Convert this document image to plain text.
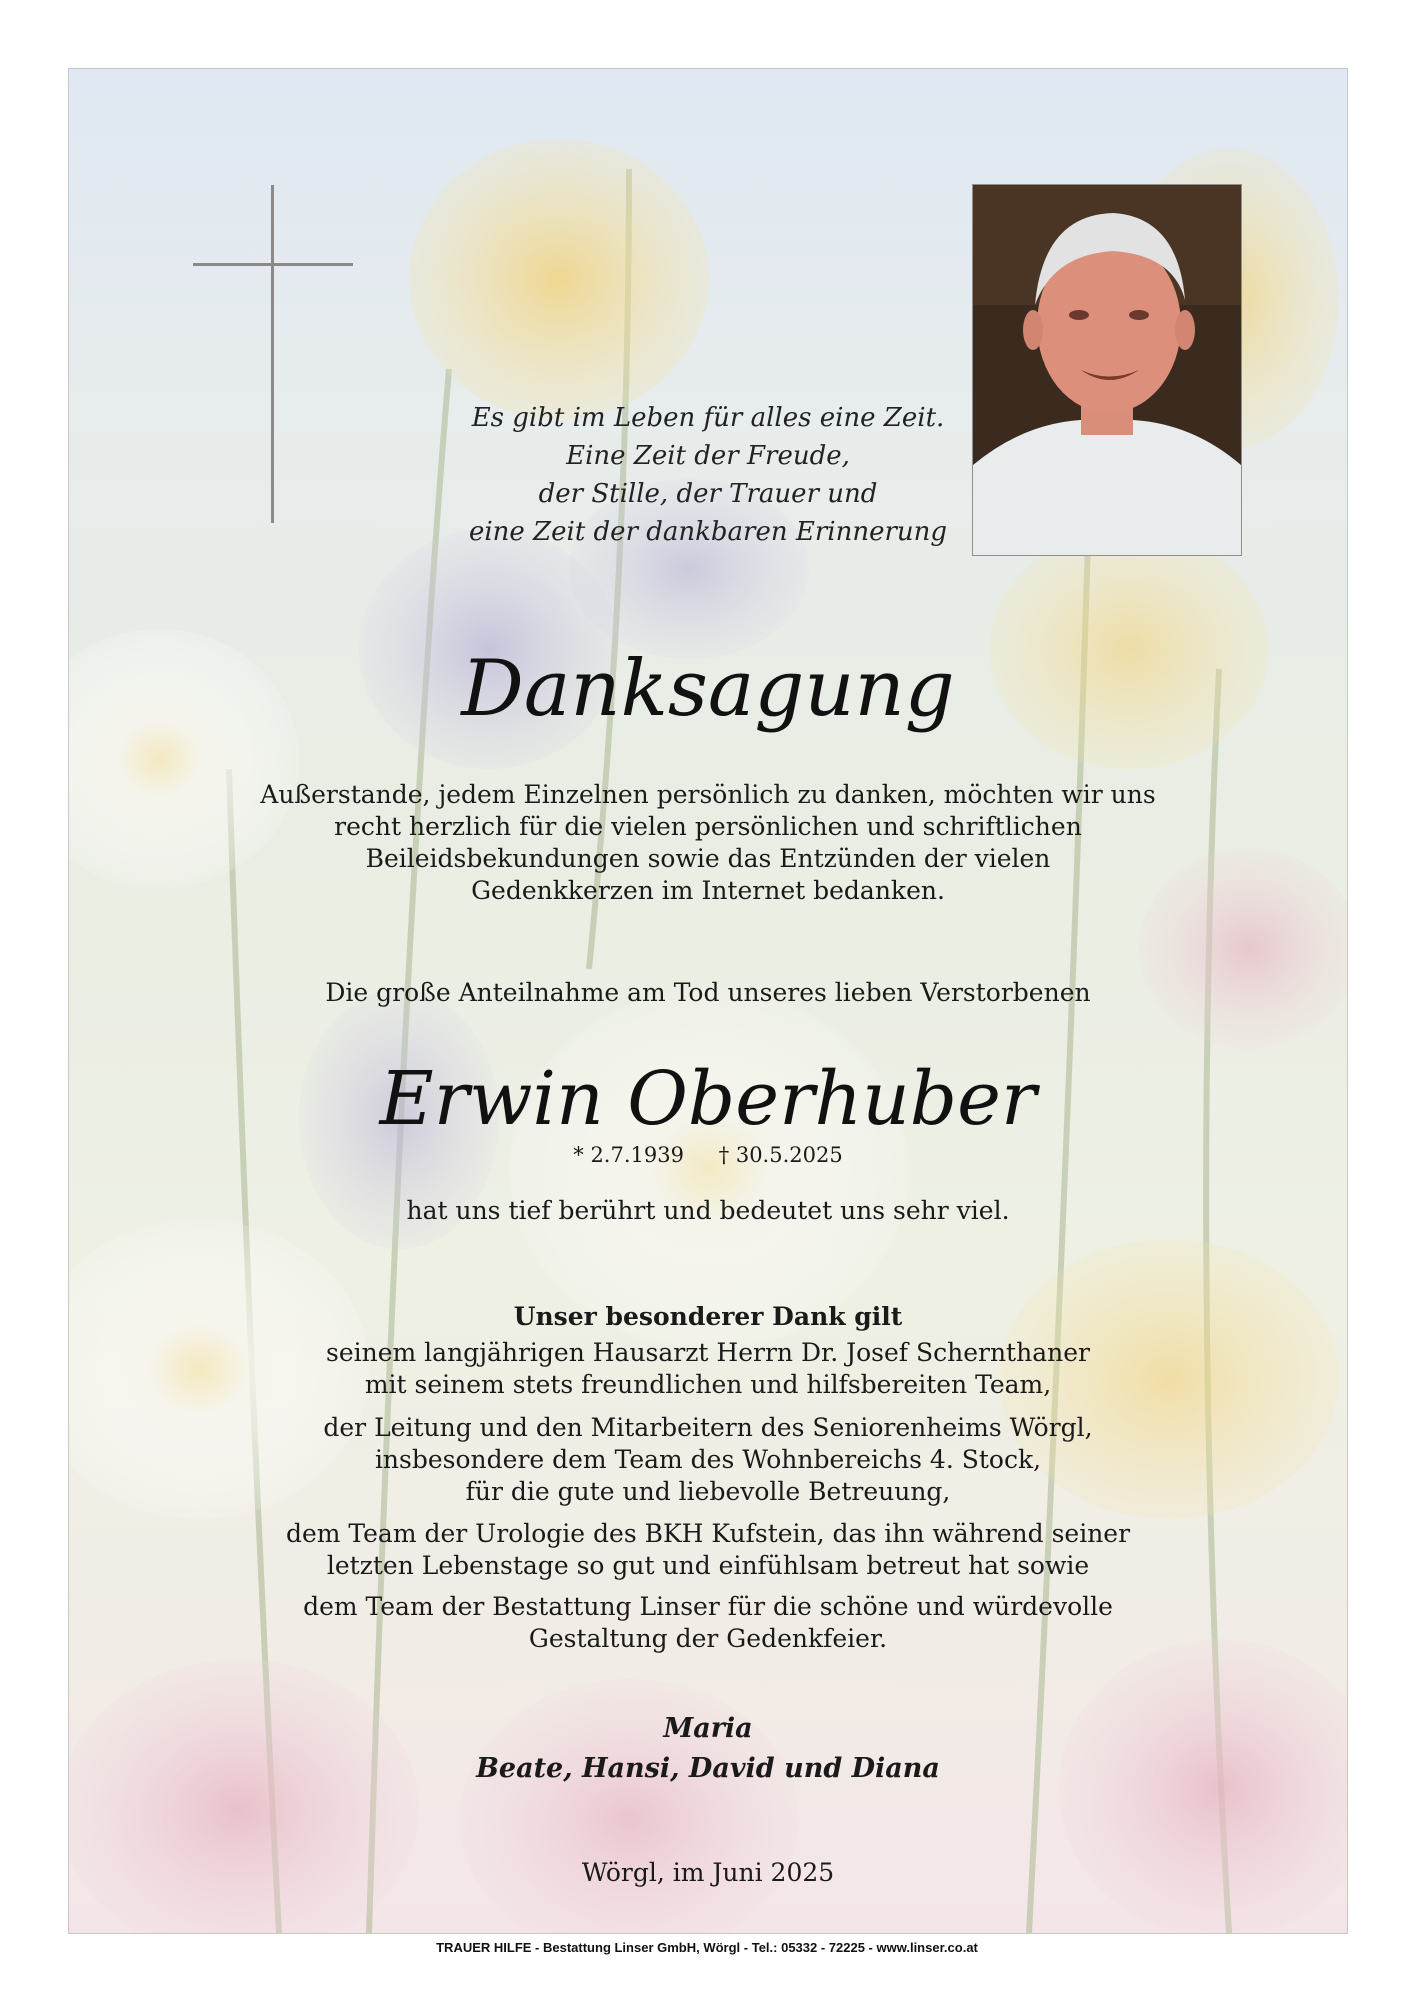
Es gibt im Leben für alles eine Zeit.
Eine Zeit der Freude,
der Stille, der Trauer und
eine Zeit der dankbaren Erinnerung
Danksagung
Außerstande, jedem Einzelnen persönlich zu danken, möchten wir uns
recht herzlich für die vielen persönlichen und schriftlichen
Beileidsbekundungen sowie das Entzünden der vielen
Gedenkkerzen im Internet bedanken.
Die große Anteilnahme am Tod unseres lieben Verstorbenen
Erwin Oberhuber
* 2.7.1939 † 30.5.2025
hat uns tief berührt und bedeutet uns sehr viel.
Unser besonderer Dank gilt
seinem langjährigen Hausarzt Herrn Dr. Josef Schernthaner
mit seinem stets freundlichen und hilfsbereiten Team,
der Leitung und den Mitarbeitern des Seniorenheims Wörgl,
insbesondere dem Team des Wohnbereichs 4. Stock,
für die gute und liebevolle Betreuung,
dem Team der Urologie des BKH Kufstein, das ihn während seiner
letzten Lebenstage so gut und einfühlsam betreut hat sowie
dem Team der Bestattung Linser für die schöne und würdevolle
Gestaltung der Gedenkfeier.
Maria
Beate, Hansi, David und Diana
Wörgl, im Juni 2025
TRAUER HILFE - Bestattung Linser GmbH, Wörgl - Tel.: 05332 - 72225 - www.linser.co.at
